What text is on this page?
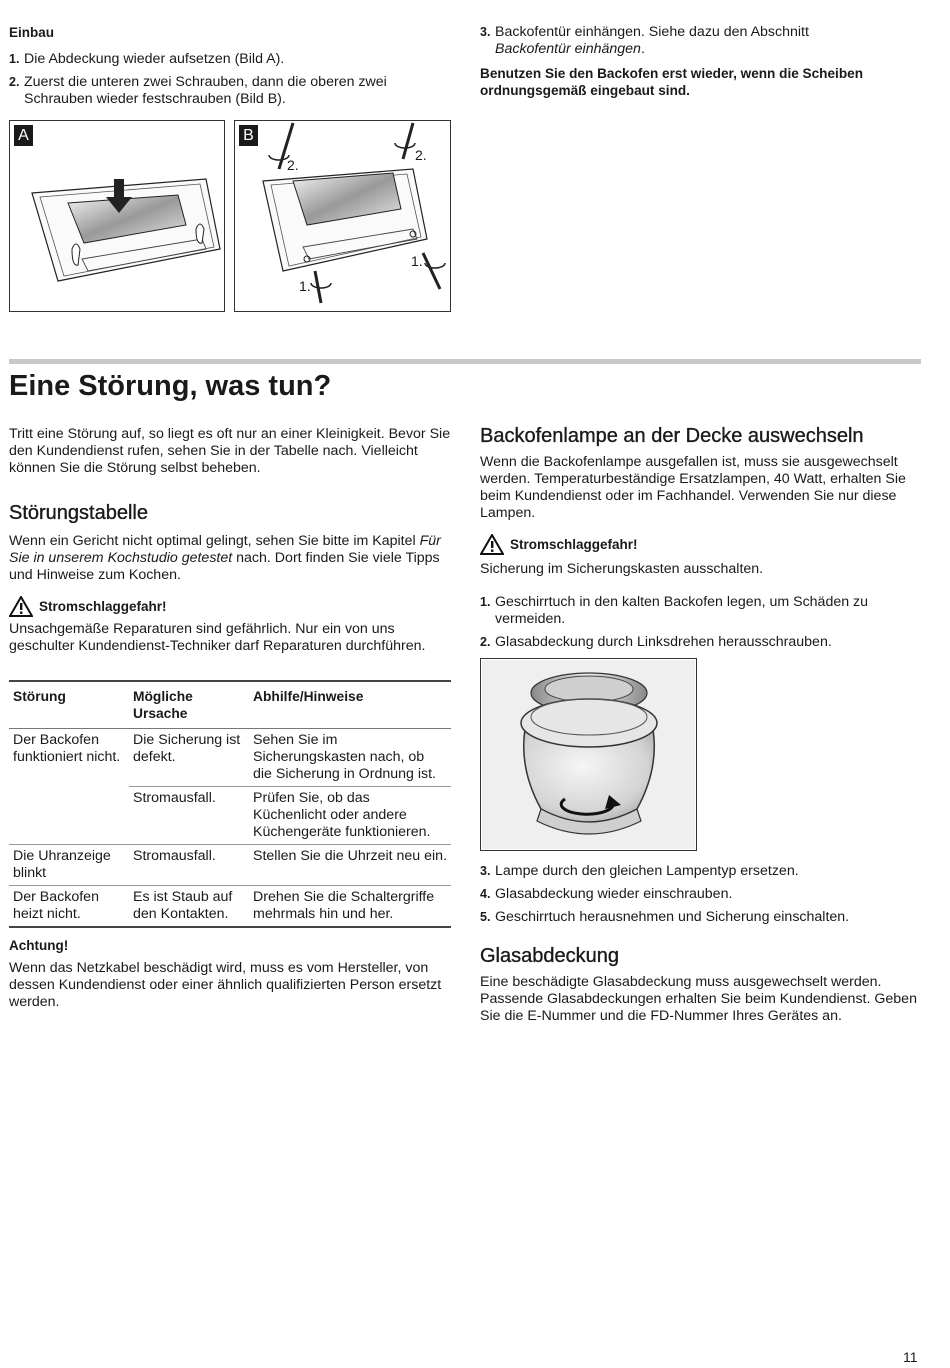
Einbau

1. Die Abdeckung wieder aufsetzen (Bild A).
2. Zuerst die unteren zwei Schrauben, dann die oberen zwei Schrauben wieder festschrauben (Bild B).
3. Backofentür einhängen. Siehe dazu den Abschnitt
Backofentür einhängen.

Benutzen Sie den Backofen erst wieder, wenn die Scheiben ordnungsgemäß eingebaut sind.

A	B
2.
2.
1.
1.
Eine Störung, was tun?

Tritt eine Störung auf, so liegt es oft nur an einer Kleinigkeit. Bevor Sie den Kundendienst rufen, sehen Sie in der Tabelle nach. Vielleicht können Sie die Störung selbst beheben.

Störungstabelle

Wenn ein Gericht nicht optimal gelingt, sehen Sie bitte im Kapitel Für Sie in unserem Kochstudio getestet nach. Dort finden Sie viele Tipps und Hinweise zum Kochen.

Stromschlaggefahr!

Unsachgemäße Reparaturen sind gefährlich. Nur ein von uns geschulter Kundendienst-Techniker darf Reparaturen durchführen.

Störung	Mögliche Ursache	Abhilfe/Hinweise
Der Backofen funktioniert nicht.	Die Sicherung ist defekt.	Sehen Sie im Sicherungskasten nach, ob die Sicherung in Ordnung ist.
	Stromausfall.	Prüfen Sie, ob das Küchenlicht oder andere Küchengeräte funktionieren.
Die Uhranzeige blinkt	Stromausfall.	Stellen Sie die Uhrzeit neu ein.
Der Backofen heizt nicht.	Es ist Staub auf den Kontakten.	Drehen Sie die Schaltergriffe mehrmals hin und her.

Achtung!

Wenn das Netzkabel beschädigt wird, muss es vom Hersteller, von dessen Kundendienst oder einer ähnlich qualifizierten Person ersetzt werden.

Backofenlampe an der Decke auswechseln

Wenn die Backofenlampe ausgefallen ist, muss sie ausgewechselt werden. Temperaturbeständige Ersatzlampen, 40 Watt, erhalten Sie beim Kundendienst oder im Fachhandel. Verwenden Sie nur diese Lampen.

Stromschlaggefahr!

Sicherung im Sicherungskasten ausschalten.

1. Geschirrtuch in den kalten Backofen legen, um Schäden zu vermeiden.
2. Glasabdeckung durch Linksdrehen herausschrauben.
3. Lampe durch den gleichen Lampentyp ersetzen.
4. Glasabdeckung wieder einschrauben.
5. Geschirrtuch herausnehmen und Sicherung einschalten.
Glasabdeckung

Eine beschädigte Glasabdeckung muss ausgewechselt werden. Passende Glasabdeckungen erhalten Sie beim Kundendienst. Geben Sie die E-Nummer und die FD-Nummer Ihres Gerätes an.

11
